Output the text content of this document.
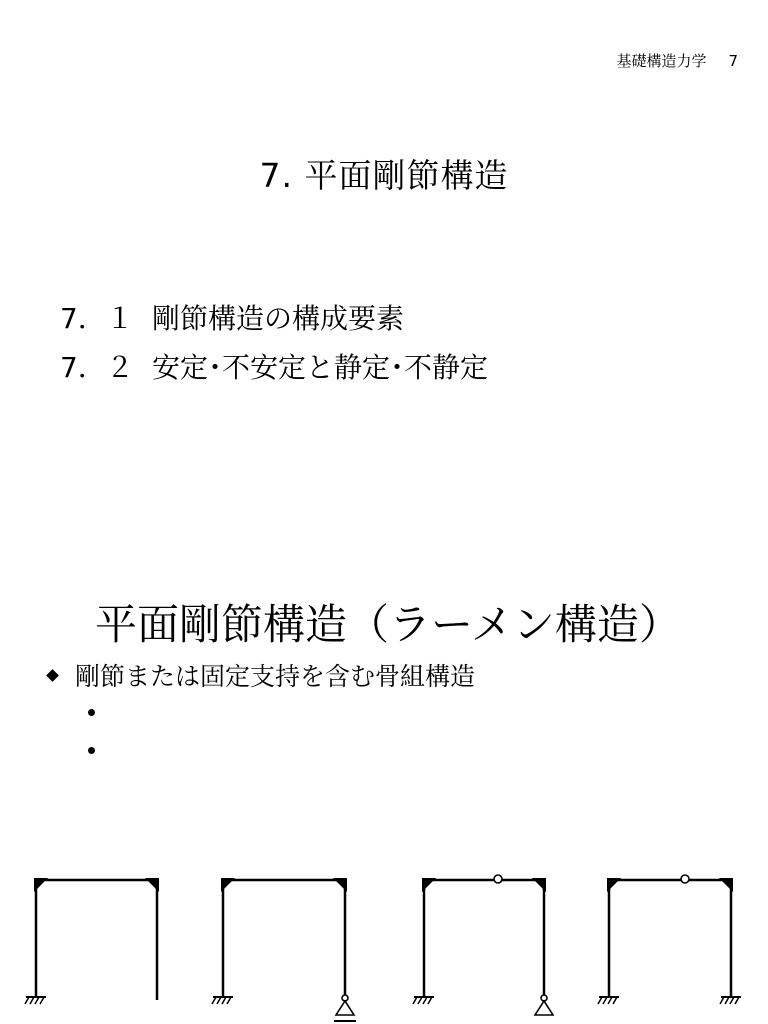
基礎構造力学 7
7. 平面剛節構造
7．１ 剛節構造の構成要素
7．２ 安定･不安定と静定･不静定
平面剛節構造（ラーメン構造）
剛節または固定支持を含む骨組構造
